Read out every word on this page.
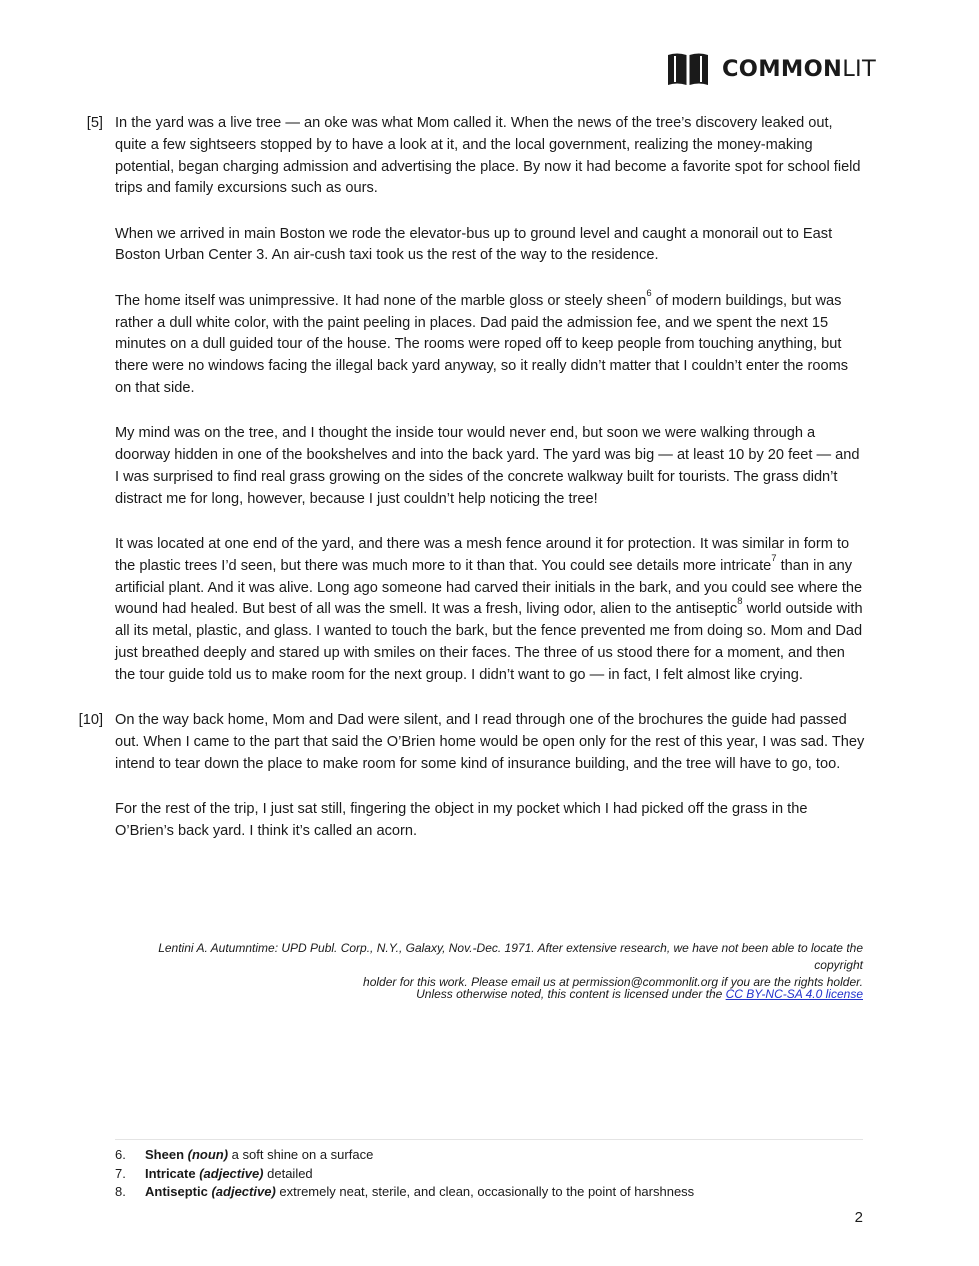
COMMONLIT

[5] In the yard was a live tree — an oke was what Mom called it. When the news of the tree’s discovery leaked out, quite a few sightseers stopped by to have a look at it, and the local government, realizing the money-making potential, began charging admission and advertising the place. By now it had become a favorite spot for school field trips and family excursions such as ours.

When we arrived in main Boston we rode the elevator-bus up to ground level and caught a monorail out to East Boston Urban Center 3. An air-cush taxi took us the rest of the way to the residence.

The home itself was unimpressive. It had none of the marble gloss or steely sheen$^6$ of modern buildings, but was rather a dull white color, with the paint peeling in places. Dad paid the admission fee, and we spent the next 15 minutes on a dull guided tour of the house. The rooms were roped off to keep people from touching anything, but there were no windows facing the illegal back yard anyway, so it really didn’t matter that I couldn’t enter the rooms on that side.

My mind was on the tree, and I thought the inside tour would never end, but soon we were walking through a doorway hidden in one of the bookshelves and into the back yard. The yard was big — at least 10 by 20 feet — and I was surprised to find real grass growing on the sides of the concrete walkway built for tourists. The grass didn’t distract me for long, however, because I just couldn’t help noticing the tree!

It was located at one end of the yard, and there was a mesh fence around it for protection. It was similar in form to the plastic trees I’d seen, but there was much more to it than that. You could see details more intricate$^7$ than in any artificial plant. And it was alive. Long ago someone had carved their initials in the bark, and you could see where the wound had healed. But best of all was the smell. It was a fresh, living odor, alien to the antiseptic$^8$ world outside with all its metal, plastic, and glass. I wanted to touch the bark, but the fence prevented me from doing so. Mom and Dad just breathed deeply and stared up with smiles on their faces. The three of us stood there for a moment, and then the tour guide told us to make room for the next group. I didn’t want to go — in fact, I felt almost like crying.

[10] On the way back home, Mom and Dad were silent, and I read through one of the brochures the guide had passed out. When I came to the part that said the O’Brien home would be open only for the rest of this year, I was sad. They intend to tear down the place to make room for some kind of insurance building, and the tree will have to go, too.

For the rest of the trip, I just sat still, fingering the object in my pocket which I had picked off the grass in the O’Brien’s back yard. I think it’s called an acorn.

Lentini A. Autumntime: UPD Publ. Corp., N.Y., Galaxy, Nov.-Dec. 1971. After extensive research, we have not been able to locate the copyright

holder for this work. Please email us at permission@commonlit.org if you are the rights holder.

Unless otherwise noted, this content is licensed under the CC BY-NC-SA 4.0 license
6.	Sheen (noun) a soft shine on a surface
7.	Intricate (adjective) detailed
8.	Antiseptic (adjective) extremely neat, sterile, and clean, occasionally to the point of harshness
2
